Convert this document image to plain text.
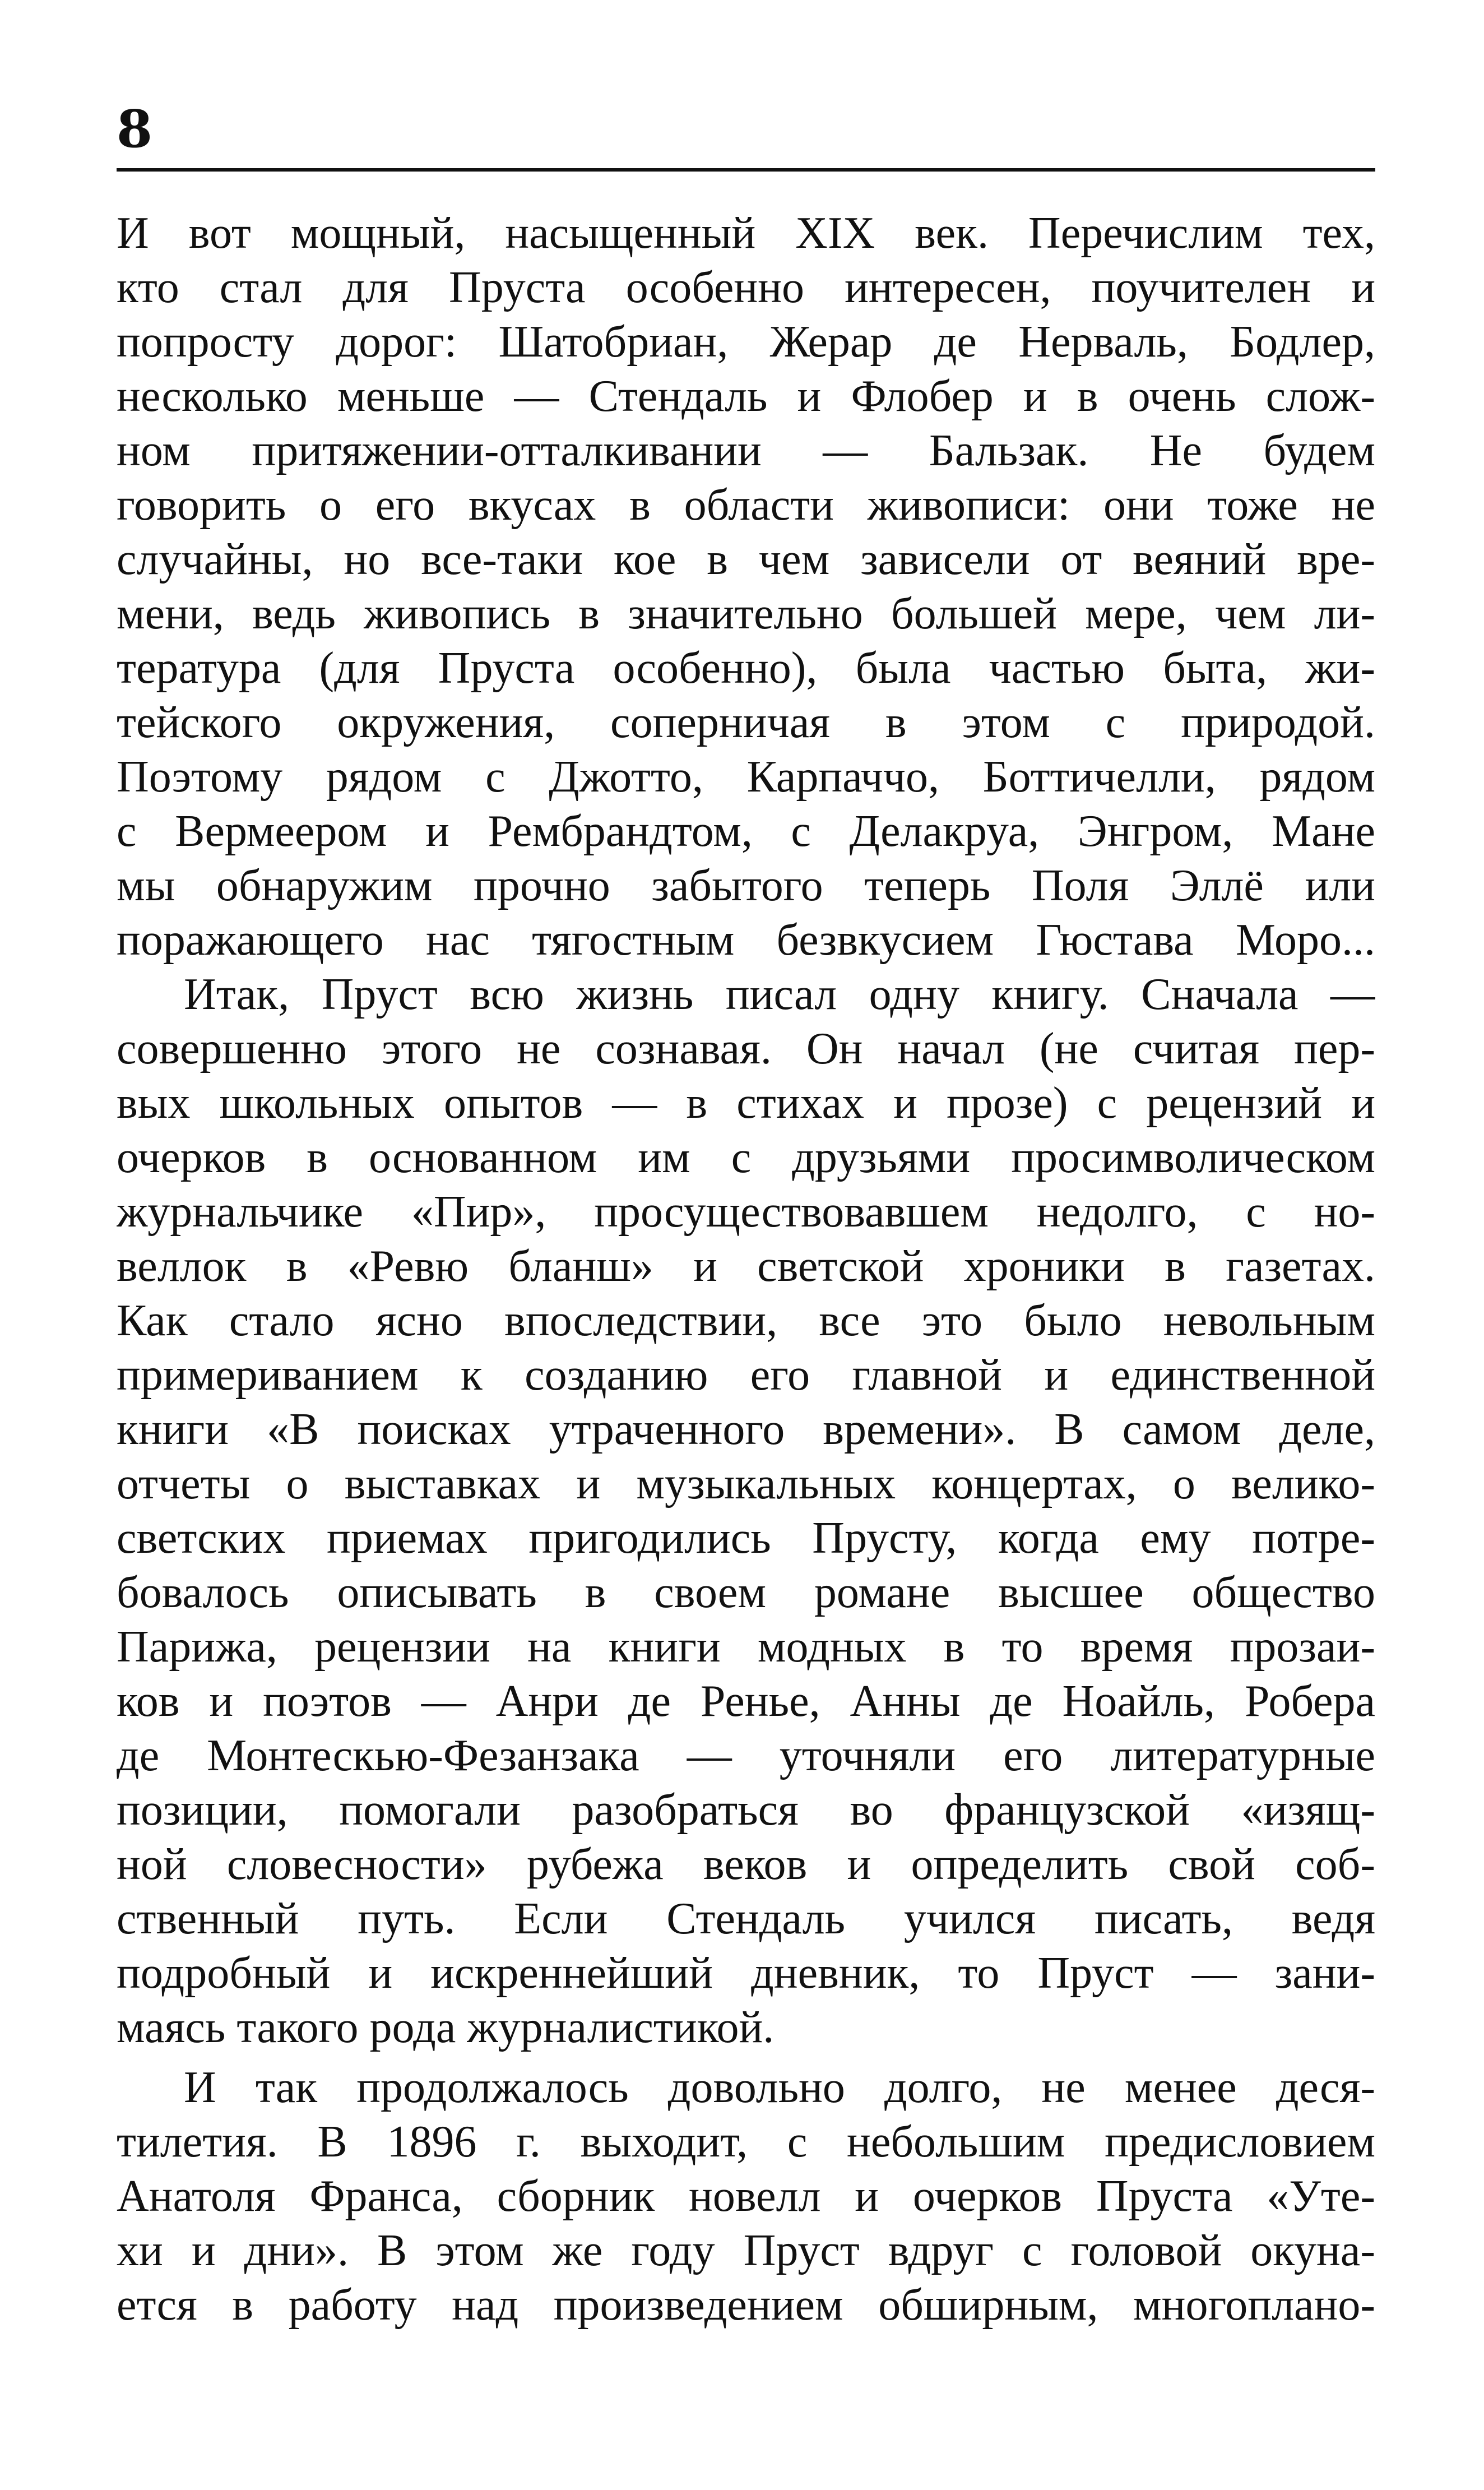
8
И вот мощный, насыщенный XIX век. Перечислим тех,
кто стал для Пруста особенно интересен, поучителен и
попросту дорог: Шатобриан, Жерар де Нерваль, Бодлер,
несколько меньше — Стендаль и Флобер и в очень слож-
ном притяжении-отталкивании — Бальзак. Не будем
говорить о его вкусах в области живописи: они тоже не
случайны, но все-таки кое в чем зависели от веяний вре-
мени, ведь живопись в значительно большей мере, чем ли-
тература (для Пруста особенно), была частью быта, жи-
тейского окружения, соперничая в этом с природой.
Поэтому рядом с Джотто, Карпаччо, Боттичелли, рядом
с Вермеером и Рембрандтом, с Делакруа, Энгром, Мане
мы обнаружим прочно забытого теперь Поля Эллё или
поражающего нас тягостным безвкусием Гюстава Моро...
Итак, Пруст всю жизнь писал одну книгу. Сначала —
совершенно этого не сознавая. Он начал (не считая пер-
вых школьных опытов — в стихах и прозе) с рецензий и
очерков в основанном им с друзьями просимволическом
журнальчике «Пир», просуществовавшем недолго, с но-
веллок в «Ревю бланш» и светской хроники в газетах.
Как стало ясно впоследствии, все это было невольным
примериванием к созданию его главной и единственной
книги «В поисках утраченного времени». В самом деле,
отчеты о выставках и музыкальных концертах, о велико-
светских приемах пригодились Прусту, когда ему потре-
бовалось описывать в своем романе высшее общество
Парижа, рецензии на книги модных в то время прозаи-
ков и поэтов — Анри де Ренье, Анны де Ноайль, Робера
де Монтескью-Фезанзака — уточняли его литературные
позиции, помогали разобраться во французской «изящ-
ной словесности» рубежа веков и определить свой соб-
ственный путь. Если Стендаль учился писать, ведя
подробный и искреннейший дневник, то Пруст — зани-
маясь такого рода журналистикой.
И так продолжалось довольно долго, не менее деся-
тилетия. В 1896 г. выходит, с небольшим предисловием
Анатоля Франса, сборник новелл и очерков Пруста «Уте-
хи и дни». В этом же году Пруст вдруг с головой окуна-
ется в работу над произведением обширным, многоплано-
